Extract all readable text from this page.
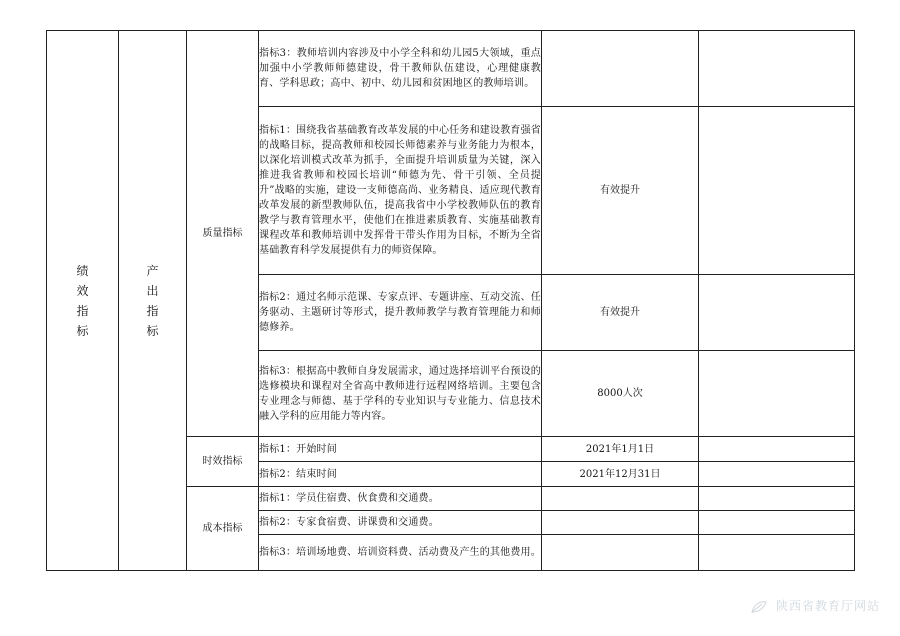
绩效指标	产出指标	质量指标	指标3：教师培训内容涉及中小学全科和幼儿园5大领域，重点加强中小学教师师德建设，骨干教师队伍建设，心理健康教育、学科思政；高中、初中、幼儿园和贫困地区的教师培训。		
			指标1：围绕我省基础教育改革发展的中心任务和建设教育强省的战略目标，提高教师和校园长师德素养与业务能力为根本，以深化培训模式改革为抓手，全面提升培训质量为关键，深入推进我省教师和校园长培训“师德为先、骨干引领、全员提升”战略的实施，建设一支师德高尚、业务精良、适应现代教育改革发展的新型教师队伍，提高我省中小学校教师队伍的教育教学与教育管理水平，使他们在推进素质教育、实施基础教育课程改革和教师培训中发挥骨干带头作用为目标，不断为全省基础教育科学发展提供有力的师资保障。	有效提升	
			指标2：通过名师示范课、专家点评、专题讲座、互动交流、任务驱动、主题研讨等形式，提升教师教学与教育管理能力和师德修养。	有效提升	
			指标3：根据高中教师自身发展需求，通过选择培训平台预设的选修模块和课程对全省高中教师进行远程网络培训。主要包含专业理念与师德、基于学科的专业知识与专业能力、信息技术融入学科的应用能力等内容。	8000人次	

		时效指标	指标1：开始时间	2021年1月1日	
			指标2：结束时间	2021年12月31日	
		成本指标	指标1：学员住宿费、伙食费和交通费。		
			指标2：专家食宿费、讲课费和交通费。		
			指标3：培训场地费、培训资料费、活动费及产生的其他费用。		
陕西省教育厅网站
